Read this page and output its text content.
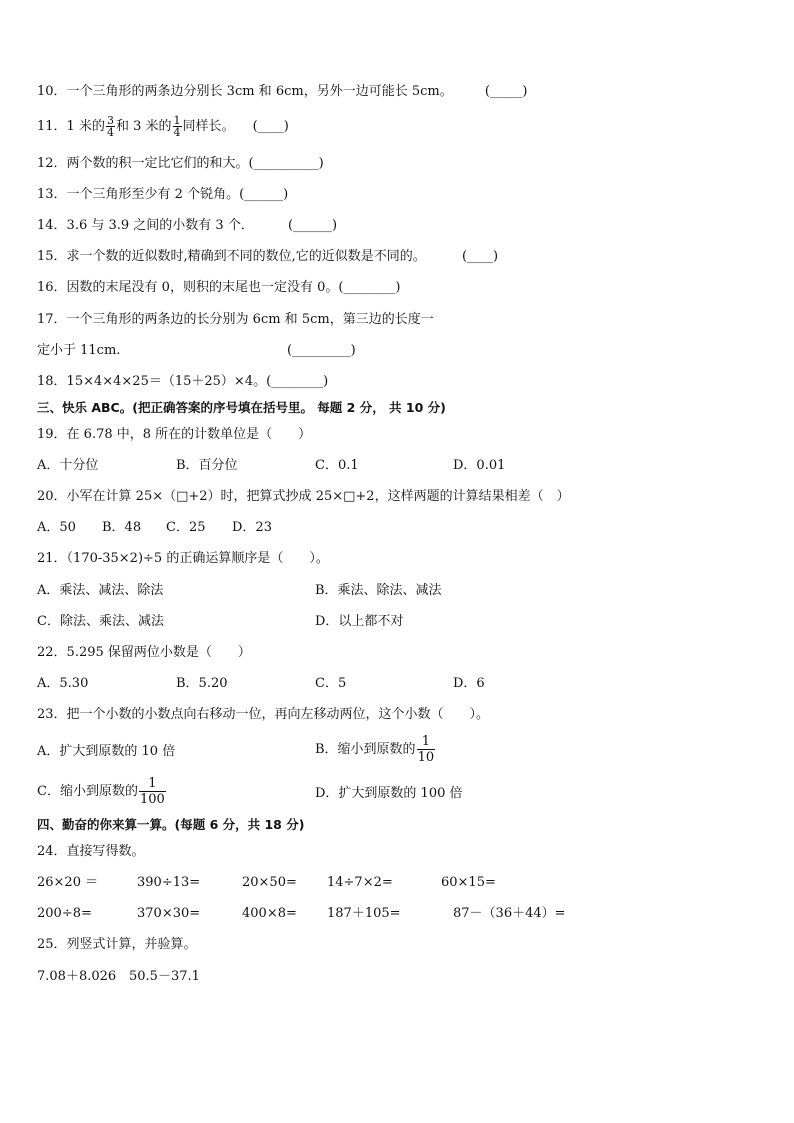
10．一个三角形的两条边分别长 3cm 和 6cm，另外一边可能长 5cm。 (_____)
11．1 米的 $\frac{3}{4}$ 和 3 米的 $\frac{1}{4}$ 同样长。 (____)
12．两个数的积一定比它们的和大。(__________)
13．一个三角形至少有 2 个锐角。(______)
14．3.6 与 3.9 之间的小数有 3 个．	(______)
15．求一个数的近似数时,精确到不同的数位,它的近似数是不同的。	(____)
16．因数的末尾没有 0，则积的末尾也一定没有 0。(________)
17．一个三角形的两条边的长分别为 6cm 和 5cm，第三边的长度一
定小于 11cm.	(_________)
18．15×4×4×25＝（15＋25）×4。(________)
三、快乐 ABC。(把正确答案的序号填在括号里。 每题 2 分， 共 10 分)
19．在 6.78 中，8 所在的计数单位是（　　）
A．十分位	B．百分位	C．0.1	D．0.01
20．小军在计算 25×（□+2）时，把算式抄成 25×□+2，这样两题的计算结果相差（　）
A．50 B．48 C．25 D．23
21．（170-35×2)÷5 的正确运算顺序是（　　）。
A．乘法、减法、除法	B．乘法、除法、减法
C．除法、乘法、减法	D．以上都不对
22．5.295 保留两位小数是（　　）
A．5.30	B．5.20	C．5	D．6
23．把一个小数的小数点向右移动一位，再向左移动两位，这个小数（　　）。
A．扩大到原数的 10 倍	B．缩小到原数的 $\frac{1}{10}$
C．缩小到原数的 $\frac{1}{100}$	D．扩大到原数的 100 倍
四、勤奋的你来算一算。(每题 6 分，共 18 分)
24．直接写得数。
26×20 ＝	390÷13=	20×50= 14÷7×2=	60×15=
200÷8=	370×30=	400×8= 187＋105=	87－（36＋44）=
25．列竖式计算，并验算。
7.08＋8.026 50.5－37.1
